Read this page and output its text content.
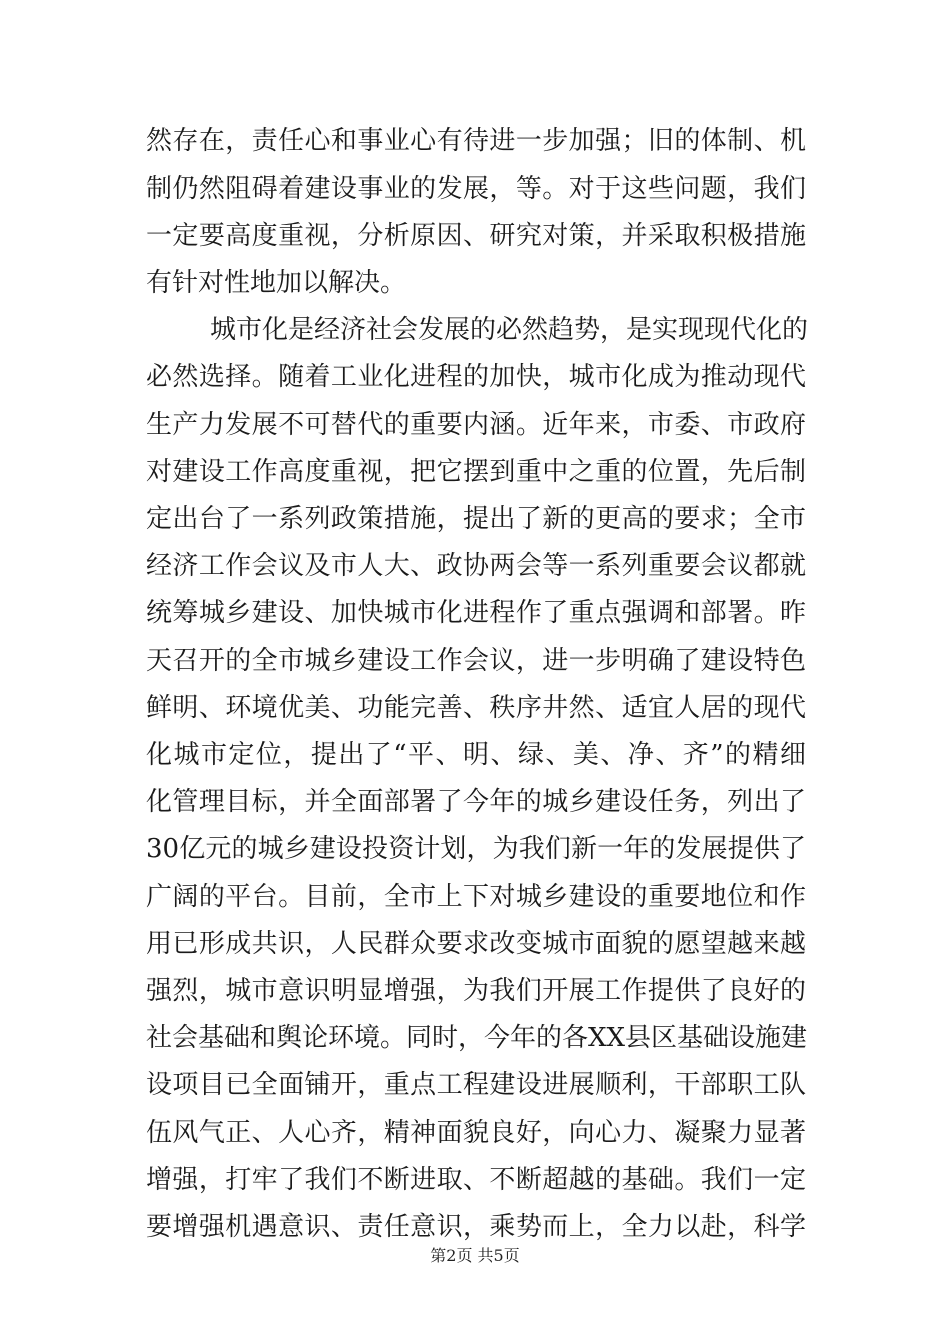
然存在，责任心和事业心有待进一步加强；旧的体制、机
制仍然阻碍着建设事业的发展，等。对于这些问题，我们
一定要高度重视，分析原因、研究对策，并采取积极措施
有针对性地加以解决。
城市化是经济社会发展的必然趋势，是实现现代化的
必然选择。随着工业化进程的加快，城市化成为推动现代
生产力发展不可替代的重要内涵。近年来，市委、市政府
对建设工作高度重视，把它摆到重中之重的位置，先后制
定出台了一系列政策措施，提出了新的更高的要求；全市
经济工作会议及市人大、政协两会等一系列重要会议都就
统筹城乡建设、加快城市化进程作了重点强调和部署。昨
天召开的全市城乡建设工作会议，进一步明确了建设特色
鲜明、环境优美、功能完善、秩序井然、适宜人居的现代
化城市定位，提出了“平、明、绿、美、净、齐”的精细
化管理目标，并全面部署了今年的城乡建设任务，列出了
30亿元的城乡建设投资计划，为我们新一年的发展提供了
广阔的平台。目前，全市上下对城乡建设的重要地位和作
用已形成共识，人民群众要求改变城市面貌的愿望越来越
强烈，城市意识明显增强，为我们开展工作提供了良好的
社会基础和舆论环境。同时，今年的各XX县区基础设施建
设项目已全面铺开，重点工程建设进展顺利，干部职工队
伍风气正、人心齐，精神面貌良好，向心力、凝聚力显著
增强，打牢了我们不断进取、不断超越的基础。我们一定
要增强机遇意识、责任意识，乘势而上，全力以赴，科学
第2页 共5页
